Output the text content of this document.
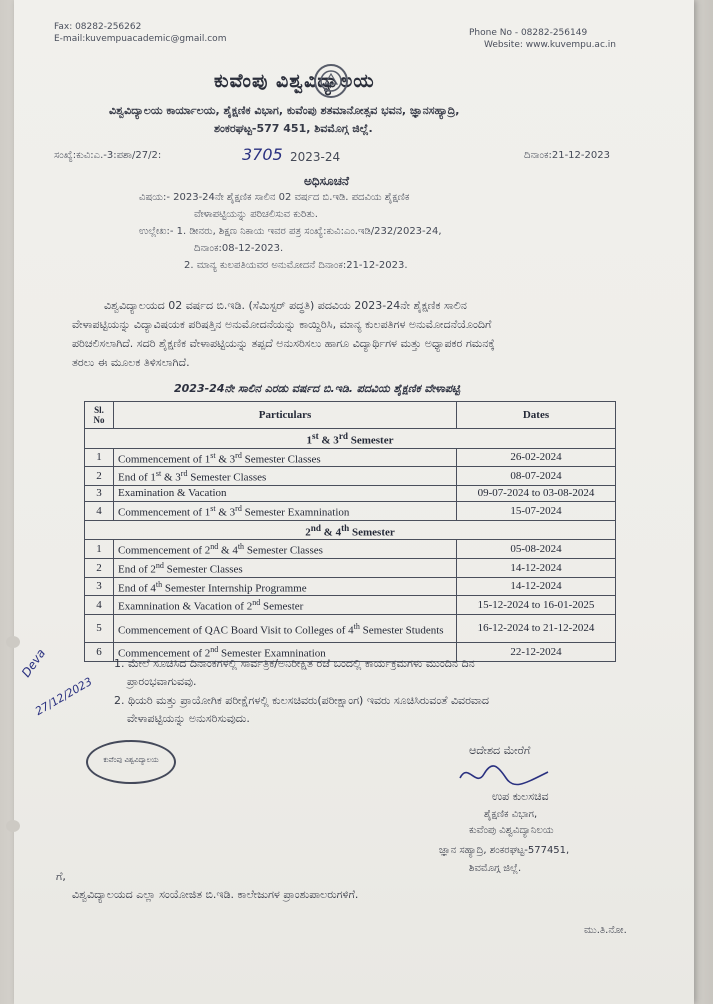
Fax: 08282-256262
E-mail:kuvempuacademic@gmail.com
Phone No - 08282-256149
Website: www.kuvempu.ac.in
ಕುವೆಂಪು ವಿಶ್ವವಿದ್ಯಾಲಯ
ವಿಶ್ವವಿದ್ಯಾಲಯ ಕಾರ್ಯಾಲಯ, ಶೈಕ್ಷಣಿಕ ವಿಭಾಗ, ಕುವೆಂಪು ಶತಮಾನೋತ್ಸವ ಭವನ, ಜ್ಞಾನಸಹ್ಯಾದ್ರಿ,
ಶಂಕರಘಟ್ಟ-577 451, ಶಿವಮೊಗ್ಗ ಜಿಲ್ಲೆ.
ಸಂಖ್ಯೆ:ಕುವಿ:ಎ.-3:ಪಶಾ/27/2:	3705 2023-24	ದಿನಾಂಕ:21-12-2023
ಅಧಿಸೂಚನೆ
ವಿಷಯ:- 2023-24ನೇ ಶೈಕ್ಷಣಿಕ ಸಾಲಿನ 02 ವರ್ಷದ ಬಿ.ಇಡಿ. ಪದವಿಯ ಶೈಕ್ಷಣಿಕ
ವೇಳಾಪಟ್ಟಿಯನ್ನು ಪರಿಚಲಿಸುವ ಕುರಿತು.
ಉಲ್ಲೇಖ:- 1. ಡೀನರು, ಶಿಕ್ಷಣ ನಿಕಾಯ ಇವರ ಪತ್ರ ಸಂಖ್ಯೆ:ಕುವಿ:ಎಂ.ಇಡಿ/232/2023-24,
ದಿನಾಂಕ:08-12-2023.
2. ಮಾನ್ಯ ಕುಲಪತಿಯವರ ಅನುಮೋದನೆ ದಿನಾಂಕ:21-12-2023.
ವಿಶ್ವವಿದ್ಯಾಲಯದ 02 ವರ್ಷದ ಬಿ.ಇಡಿ. (ಸೆಮಿಸ್ಟರ್ ಪದ್ಧತಿ) ಪದವಿಯ 2023-24ನೇ ಶೈಕ್ಷಣಿಕ ಸಾಲಿನ
ವೇಳಾಪಟ್ಟಿಯನ್ನು ವಿದ್ಯಾವಿಷಯಕ ಪರಿಷತ್ತಿನ ಅನುಮೋದನೆಯನ್ನು ಕಾಯ್ದಿರಿಸಿ, ಮಾನ್ಯ ಕುಲಪತಿಗಳ ಅನುಮೋದನೆಯೊಂದಿಗೆ
ಪರಿಚಲಿಸಲಾಗಿದೆ. ಸದರಿ ಶೈಕ್ಷಣಿಕ ವೇಳಾಪಟ್ಟಿಯನ್ನು ತಪ್ಪದೆ ಅನುಸರಿಸಲು ಹಾಗೂ ವಿದ್ಯಾರ್ಥಿಗಳ ಮತ್ತು ಅಧ್ಯಾಪಕರ ಗಮನಕ್ಕೆ
ತರಲು ಈ ಮೂಲಕ ತಿಳಿಸಲಾಗಿದೆ.
2023-24ನೇ ಸಾಲಿನ ಎರಡು ವರ್ಷದ ಬಿ.ಇಡಿ. ಪದವಿಯ ಶೈಕ್ಷಣಿಕ ವೇಳಾಪಟ್ಟಿ
Sl. No	Particulars	Dates
1st & 3rd Semester		
1	Commencement of 1st & 3rd Semester Classes	26-02-2024
2	End of 1st & 3rd Semester Classes	08-07-2024
3	Examination & Vacation	09-07-2024 to 03-08-2024
4	Commencement of 1st & 3rd Semester Examnination	15-07-2024
2nd & 4th Semester		
1	Commencement of 2nd & 4th Semester Classes	05-08-2024
2	End of 2nd Semester Classes	14-12-2024
3	End of 4th Semester Internship Programme	14-12-2024
4	Examnination & Vacation of 2nd Semester	15-12-2024 to 16-01-2025
5	Commencement of QAC Board Visit to Colleges of 4th Semester Students	16-12-2024 to 21-12-2024
6	Commencement of 2nd Semester Examnination	22-12-2024
1. ಮೇಲೆ ಸೂಚಿಸಿದ ದಿನಾಂಕಗಳಲ್ಲಿ ಸಾರ್ವತ್ರಿಕ/ಅನಿರೀಕ್ಷಿತ ರಜೆ ಬಂದಲ್ಲಿ ಕಾರ್ಯಕ್ರಮಗಳು ಮುಂದಿನ ದಿನ
ಪ್ರಾರಂಭವಾಗುವವು.
2. ಥಿಯರಿ ಮತ್ತು ಪ್ರಾಯೋಗಿಕ ಪರೀಕ್ಷೆಗಳಲ್ಲಿ ಕುಲಸಚಿವರು(ಪರೀಕ್ಷಾಂಗ) ಇವರು ಸೂಚಿಸಿರುವಂತೆ ವಿವರವಾದ
ವೇಳಾಪಟ್ಟಿಯನ್ನು ಅನುಸರಿಸುವುದು.
Deva
27/12/2023
ಕುವೆಂಪು ವಿಶ್ವವಿದ್ಯಾಲಯ
ಆದೇಶದ ಮೇರೆಗೆ
ಉಪ ಕುಲಸಚಿವ
ಶೈಕ್ಷಣಿಕ ವಿಭಾಗ,
ಕುವೆಂಪು ವಿಶ್ವವಿದ್ಯಾನಿಲಯ
ಜ್ಞಾನ ಸಹ್ಯಾದ್ರಿ, ಶಂಕರಘಟ್ಟ-577451,
ಶಿವಮೊಗ್ಗ ಜಿಲ್ಲೆ.
ಗೆ,
ವಿಶ್ವವಿದ್ಯಾಲಯದ ಎಲ್ಲಾ ಸಂಯೋಜಿತ ಬಿ.ಇಡಿ. ಕಾಲೇಜುಗಳ ಪ್ರಾಂಶುಪಾಲರುಗಳಿಗೆ.
ಮು.ತಿ.ನೋ.
